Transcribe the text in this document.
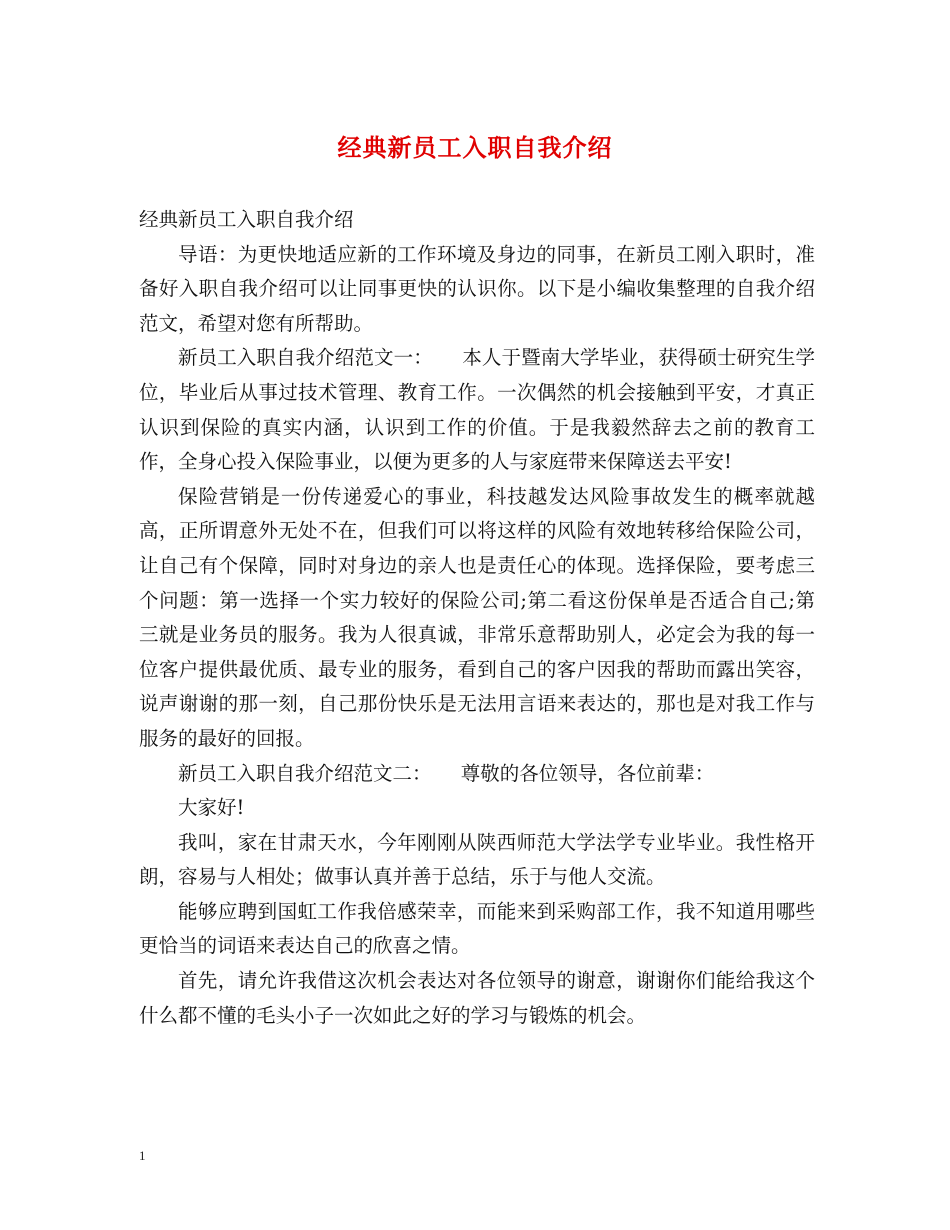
经典新员工入职自我介绍

经典新员工入职自我介绍

导语：为更快地适应新的工作环境及身边的同事，在新员工刚入职时，准备好入职自我介绍可以让同事更快的认识你。以下是小编收集整理的自我介绍范文，希望对您有所帮助。

新员工入职自我介绍范文一：　　本人于暨南大学毕业，获得硕士研究生学位，毕业后从事过技术管理、教育工作。一次偶然的机会接触到平安，才真正认识到保险的真实内涵，认识到工作的价值。于是我毅然辞去之前的教育工作，全身心投入保险事业，以便为更多的人与家庭带来保障送去平安!

保险营销是一份传递爱心的事业，科技越发达风险事故发生的概率就越高，正所谓意外无处不在，但我们可以将这样的风险有效地转移给保险公司，让自己有个保障，同时对身边的亲人也是责任心的体现。选择保险，要考虑三个问题：第一选择一个实力较好的保险公司;第二看这份保单是否适合自己;第三就是业务员的服务。我为人很真诚，非常乐意帮助别人，必定会为我的每一位客户提供最优质、最专业的服务，看到自己的客户因我的帮助而露出笑容，说声谢谢的那一刻，自己那份快乐是无法用言语来表达的，那也是对我工作与服务的最好的回报。

新员工入职自我介绍范文二：　　尊敬的各位领导，各位前辈：

大家好!

我叫，家在甘肃天水，今年刚刚从陕西师范大学法学专业毕业。我性格开朗，容易与人相处；做事认真并善于总结，乐于与他人交流。

能够应聘到国虹工作我倍感荣幸，而能来到采购部工作，我不知道用哪些更恰当的词语来表达自己的欣喜之情。

首先，请允许我借这次机会表达对各位领导的谢意，谢谢你们能给我这个什么都不懂的毛头小子一次如此之好的学习与锻炼的机会。

1
